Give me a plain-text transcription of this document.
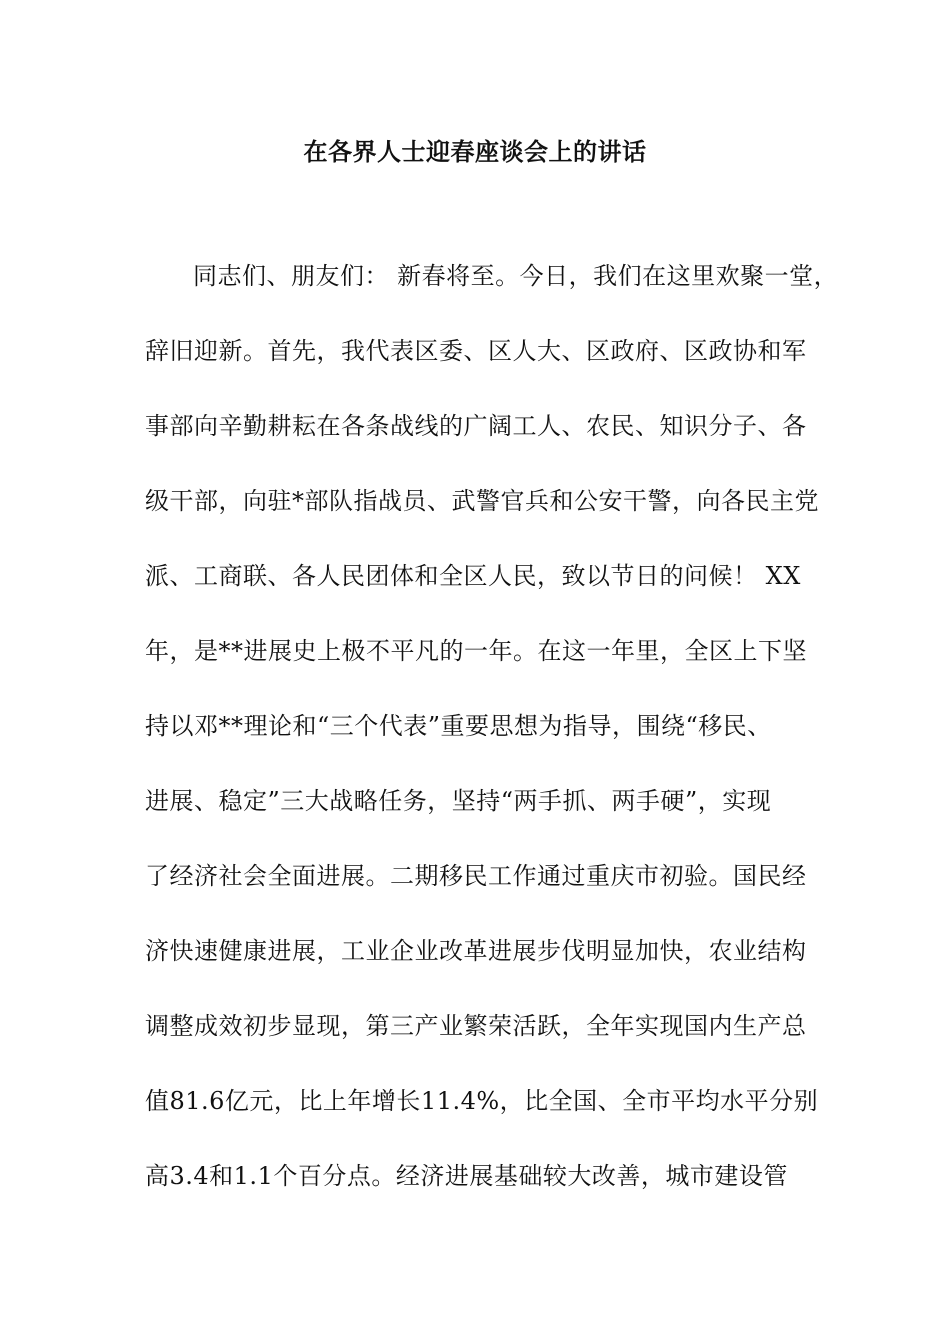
在各界人士迎春座谈会上的讲话
同志们、朋友们： 新春将至。今日，我们在这里欢聚一堂，
辞旧迎新。首先，我代表区委、区人大、区政府、区政协和军
事部向辛勤耕耘在各条战线的广阔工人、农民、知识分子、各
级干部，向驻*部队指战员、武警官兵和公安干警，向各民主党
派、工商联、各人民团体和全区人民，致以节日的问候！ XX
年，是**进展史上极不平凡的一年。在这一年里，全区上下坚
持以邓**理论和“三个代表”重要思想为指导，围绕“移民、
进展、稳定”三大战略任务，坚持“两手抓、两手硬”，实现
了经济社会全面进展。二期移民工作通过重庆市初验。国民经
济快速健康进展，工业企业改革进展步伐明显加快，农业结构
调整成效初步显现，第三产业繁荣活跃，全年实现国内生产总
值81.6亿元，比上年增长11.4%，比全国、全市平均水平分别
高3.4和1.1个百分点。经济进展基础较大改善，城市建设管
